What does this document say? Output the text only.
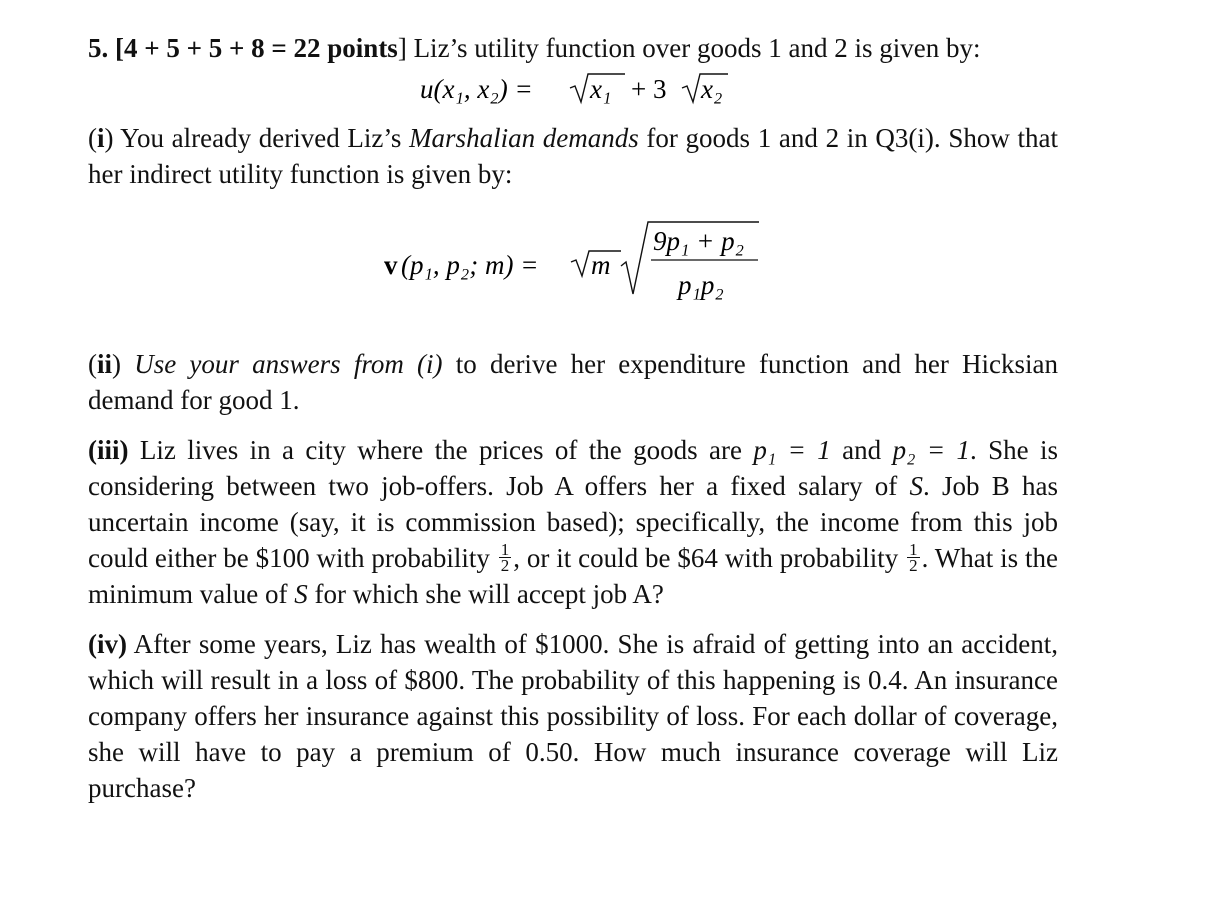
5. [4 + 5 + 5 + 8 = 22 points] Liz’s utility function over goods 1 and 2 is given by:

u(x₁, x₂) = x₁ + 3 x₂

(i) You already derived Liz’s Marshalian demands for goods 1 and 2 in Q3(i). Show that her indirect utility function is given by:

v (p₁, p₂; m) = m
9p₁ + p₂
p₁p₂

(ii) Use your answers from (i) to derive her expenditure function and her Hicksian demand for good 1.

(iii) Liz lives in a city where the prices of the goods are p₁ = 1 and p₂ = 1. She is considering between two job-offers. Job A offers her a fixed salary of S. Job B has uncertain income (say, it is commission based); specifically, the income from this job could either be $100 with probability $\frac{1}{2}$ , or it could be $64 with probability $\frac{1}{2}$ . What is the minimum value of S for which she will accept job A?

(iv) After some years, Liz has wealth of $1000. She is afraid of getting into an accident, which will result in a loss of $800. The probability of this happening is 0.4. An insurance company offers her insurance against this possibility of loss. For each dollar of coverage, she will have to pay a premium of 0.50. How much insurance coverage will Liz purchase?
